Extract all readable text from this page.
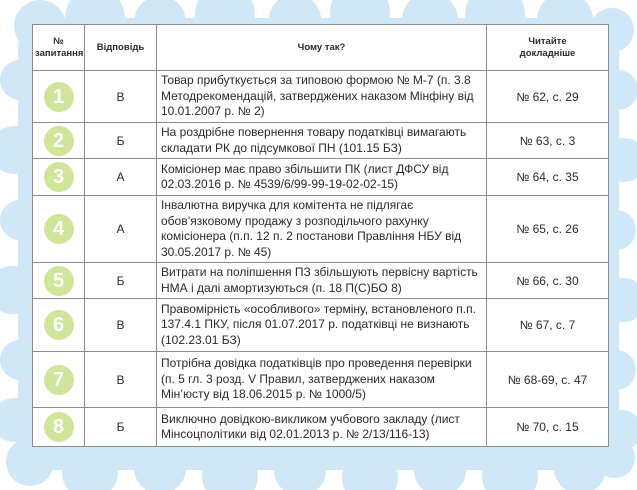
№ запитання	Відповідь	Чому так?	Читайте докладніше
1	В	Товар прибуткується за типовою формою № М-7 (п. 3.8 Методрекомендацій, затверджених наказом Мінфіну від 10.01.2007 р. № 2)	№ 62, с. 29
2	Б	На роздрібне повернення товару податківці вимагають складати РК до підсумкової ПН (101.15 БЗ)	№ 63, с. 3
3	А	Комісіонер має право збільшити ПК (лист ДФСУ від 02.03.2016 р. № 4539/6/99-99-19-02-02-15)	№ 64, с. 35
4	А	Інвалютна виручка для комітента не підлягає обов’язковому продажу з розподільчого рахунку комісіонера (п.п. 12 п. 2 постанови Правління НБУ від 30.05.2017 р. № 45)	№ 65, с. 26
5	Б	Витрати на поліпшення ПЗ збільшують первісну вартість НМА і далі амортизуються (п. 18 П(С)БО 8)	№ 66, с. 30
6	В	Правомірність «особливого» терміну, встановленого п.п. 137.4.1 ПКУ, після 01.07.2017 р. податківці не визнають (102.23.01 БЗ)	№ 67, с. 7
7	В	Потрібна довідка податківців про проведення перевірки (п. 5 гл. 3 розд. V Правил, затверджених наказом Мін’юсту від 18.06.2015 р. № 1000/5)	№ 68-69, с. 47
8	Б	Виключно довідкою-викликом учбового закладу (лист Мінсоцполітики від 02.01.2013 р. № 2/13/116-13)	№ 70, с. 15
